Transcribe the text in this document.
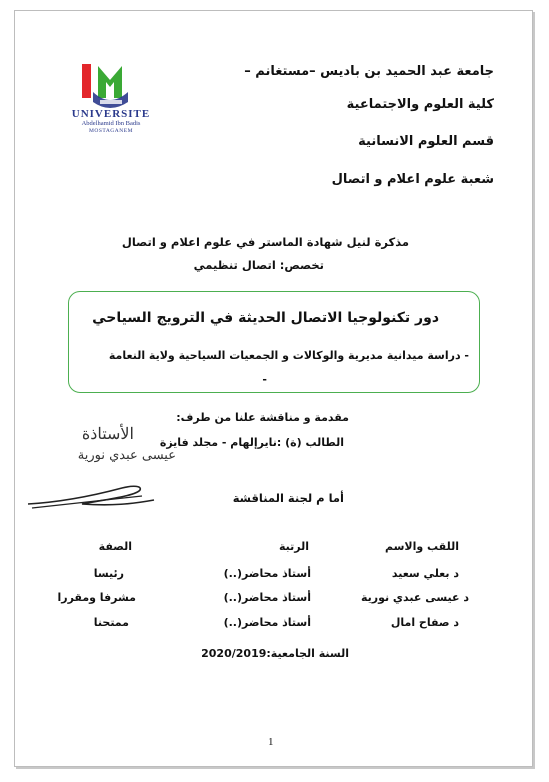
UNIVERSITE
Abdelhamid Ibn Badis
MOSTAGANEM
جامعة عبد الحميد بن باديس –مستغانم –
كلية العلوم والاجتماعية
قسم العلوم الانسانية
شعبة علوم اعلام و اتصال
مذكرة لنيل شهادة الماستر في علوم اعلام و اتصال
تخصص: اتصال تنظيمي
دور تكنولوجيا الاتصال الحديثة في الترويج السياحي
- دراسة ميدانية مديرية والوكالات و الجمعيات السياحية ولاية النعامة
-
مقدمة و مناقشة علنا من طرف:
الطالب (ة) :نايرإلهام - مجلد فايزة
الأستاذة
عيسى عبدي نورية
أما م لجنة المناقشة
اللقب والاسم
الرتبة
الصفة
د بعلي سعيد
أستاذ محاضر(..)
رئيسا
د عيسى عبدي نورية
أستاذ محاضر(..)
مشرفا ومقررا
د صفاح امال
أستاذ محاضر(..)
ممتحنا
السنة الجامعية:2020/2019
1
